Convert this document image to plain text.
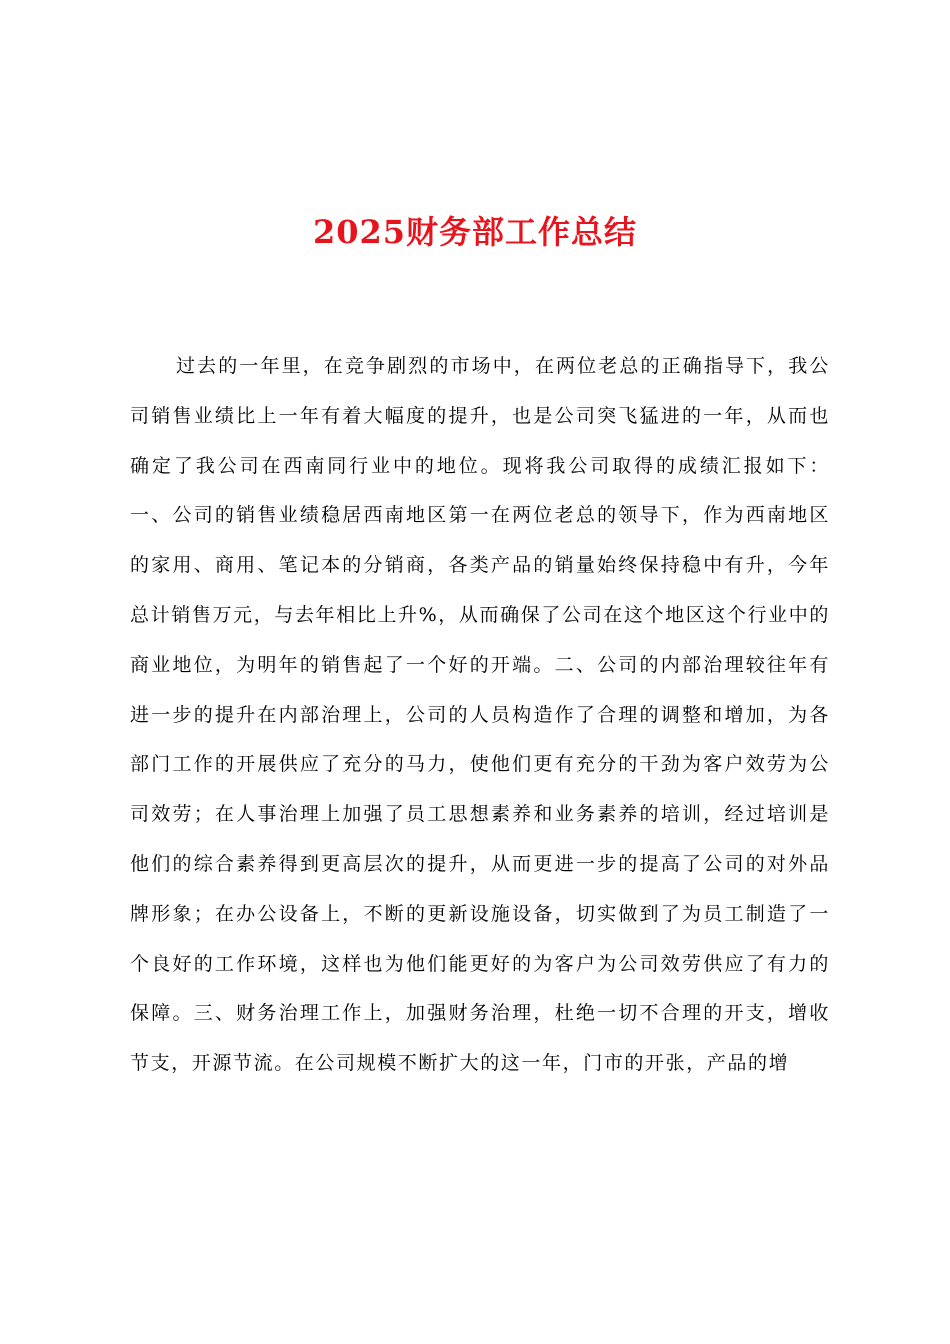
2025财务部工作总结

过去的一年里，在竞争剧烈的市场中，在两位老总的正确指导下，我公司销售业绩比上一年有着大幅度的提升，也是公司突飞猛进的一年，从而也确定了我公司在西南同行业中的地位。现将我公司取得的成绩汇报如下：一、公司的销售业绩稳居西南地区第一在两位老总的领导下，作为西南地区的家用、商用、笔记本的分销商，各类产品的销量始终保持稳中有升，今年总计销售万元，与去年相比上升%，从而确保了公司在这个地区这个行业中的商业地位，为明年的销售起了一个好的开端。二、公司的内部治理较往年有进一步的提升在内部治理上，公司的人员构造作了合理的调整和增加，为各部门工作的开展供应了充分的马力，使他们更有充分的干劲为客户效劳为公司效劳；在人事治理上加强了员工思想素养和业务素养的培训，经过培训是他们的综合素养得到更高层次的提升，从而更进一步的提高了公司的对外品牌形象；在办公设备上，不断的更新设施设备，切实做到了为员工制造了一个良好的工作环境，这样也为他们能更好的为客户为公司效劳供应了有力的保障。三、财务治理工作上，加强财务治理，杜绝一切不合理的开支，增收节支，开源节流。在公司规模不断扩大的这一年，门市的开张，产品的增
